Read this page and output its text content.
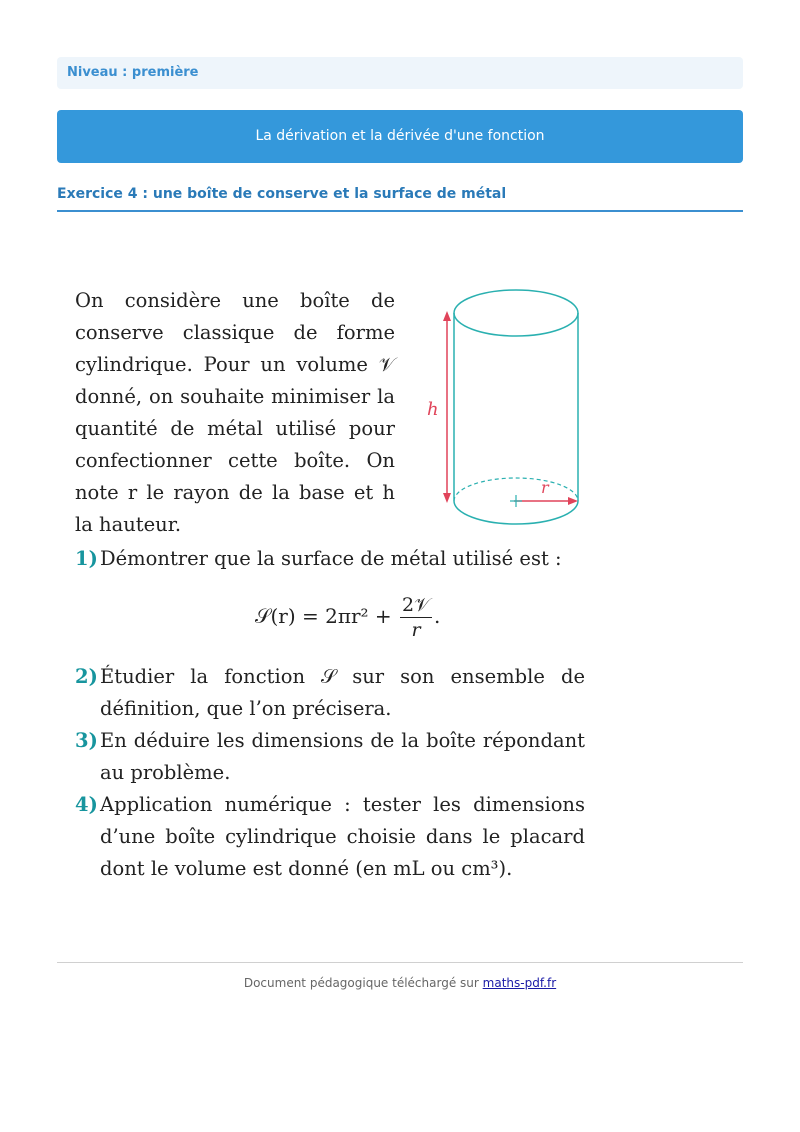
Niveau : première
La dérivation et la dérivée d'une fonction
Exercice 4 : une boîte de conserve et la surface de métal
On considère une boîte de conserve classique de forme cylindrique. Pour un volume 𝒱 donné, on souhaite minimiser la quantité de métal utilisé pour confectionner cette boîte. On note r le rayon de la base et h la hauteur.
h
r
1) Démontrer que la surface de métal utilisé est :
𝒮(r) = $2\pi r^2 + \frac{\text{2𝒱}}{r}$ .
2) Étudier la fonction 𝒮 sur son ensemble de définition, que l’on précisera.
3) En déduire les dimensions de la boîte répondant au problème.
4) Application numérique : tester les dimensions d’une boîte cylindrique choisie dans le placard dont le volume est donné (en mL ou cm³).
Document pédagogique téléchargé sur maths-pdf.fr
